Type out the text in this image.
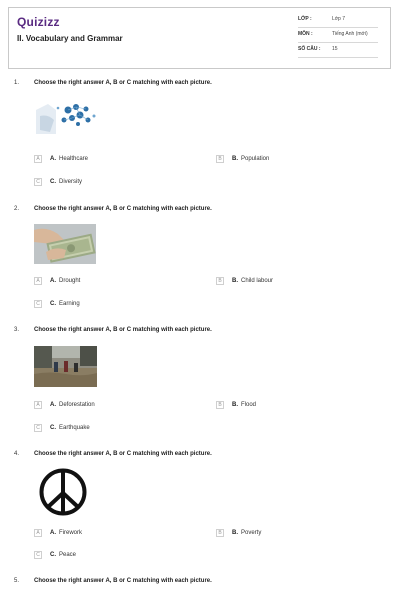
Quizizz
II. Vocabulary and Grammar
LỚP :	Lớp 7
MÔN :	Tiếng Anh (mới)
SỐ CÂU : 15
1. Choose the right answer A, B or C matching with each picture.
A	A. Healthcare	B	B. Population
C	C. Diversity
2. Choose the right answer A, B or C matching with each picture.
A	A. Drought	B	B. Child labour
C	C. Earning
3. Choose the right answer A, B or C matching with each picture.
A	A. Deforestation	B	B. Flood
C	C. Earthquake
4. Choose the right answer A, B or C matching with each picture.
A	A. Firework	B	B. Poverty
C	C. Peace
5. Choose the right answer A, B or C matching with each picture.
